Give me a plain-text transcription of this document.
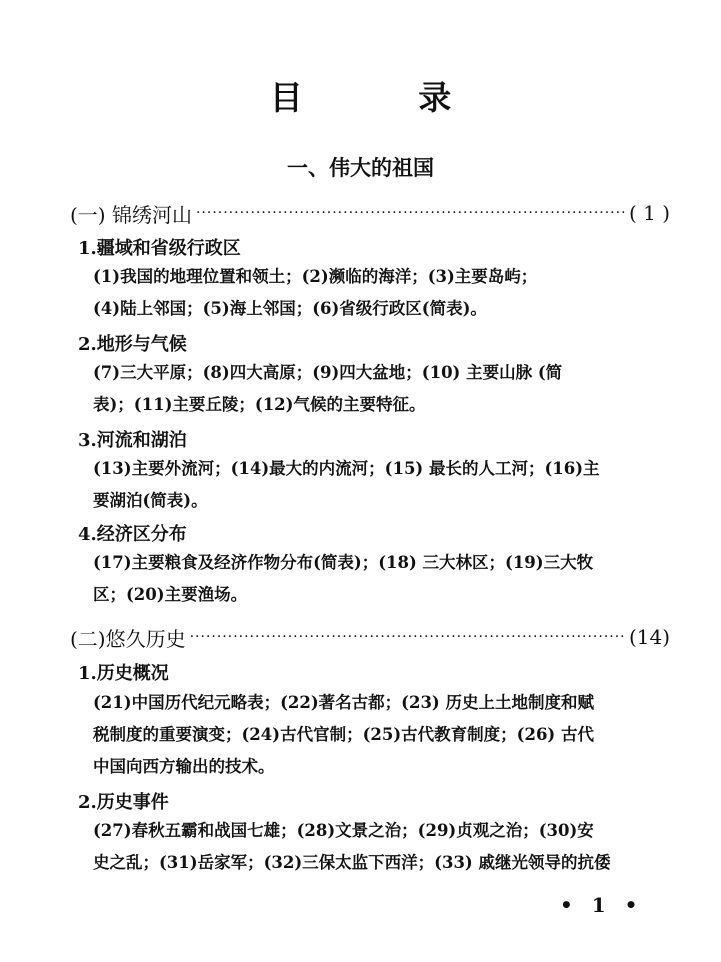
目 录
一、伟大的祖国
(一) 锦绣河山 ·····	( 1 )
1.疆域和省级行政区
(1)我国的地理位置和领土；(2)濒临的海洋；(3)主要岛屿；
(4)陆上邻国；(5)海上邻国；(6)省级行政区(简表)。
2.地形与气候
(7)三大平原；(8)四大高原；(9)四大盆地；(10) 主要山脉 (简
表)；(11)主要丘陵；(12)气候的主要特征。
3.河流和湖泊
(13)主要外流河；(14)最大的内流河；(15) 最长的人工河；(16)主
要湖泊(简表)。
4.经济区分布
(17)主要粮食及经济作物分布(简表)；(18) 三大林区；(19)三大牧
区；(20)主要渔场。
(二)悠久历史 ·····	(14)
1.历史概况
(21)中国历代纪元略表；(22)著名古都；(23) 历史上土地制度和赋
税制度的重要演变；(24)古代官制；(25)古代教育制度；(26) 古代
中国向西方输出的技术。
2.历史事件
(27)春秋五霸和战国七雄；(28)文景之治；(29)贞观之治；(30)安
史之乱；(31)岳家军；(32)三保太监下西洋；(33) 戚继光领导的抗倭
• 1 •
